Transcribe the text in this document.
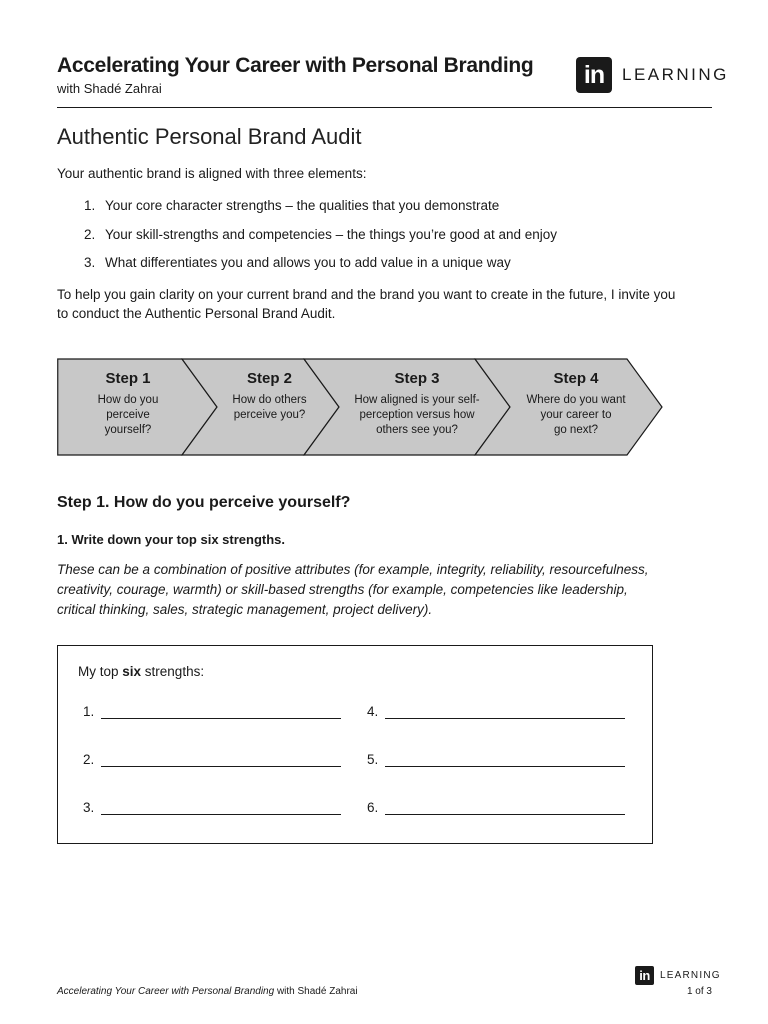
Accelerating Your Career with Personal Branding
with Shadé Zahrai	in	LEARNING
Authentic Personal Brand Audit
Your authentic brand is aligned with three elements:
1. Your core character strengths – the qualities that you demonstrate
2. Your skill-strengths and competencies – the things you’re good at and enjoy
3. What differentiates you and allows you to add value in a unique way
To help you gain clarity on your current brand and the brand you want to create in the future, I invite you to conduct the Authentic Personal Brand Audit.
Step 1
How do you
perceive
yourself?
Step 2
How do others
perceive you?
Step 3
How aligned is your self-
perception versus how
others see you?
Step 4
Where do you want
your career to
go next?
Step 1. How do you perceive yourself?
1. Write down your top six strengths.
These can be a combination of positive attributes (for example, integrity, reliability, resourcefulness, creativity, courage, warmth) or skill-based strengths (for example, competencies like leadership, critical thinking, sales, strategic management, project delivery).
My top six strengths:
1.
2.
3.
4.
5.
6.
Accelerating Your Career with Personal Branding with Shadé Zahrai
in	LEARNING
1 of 3
